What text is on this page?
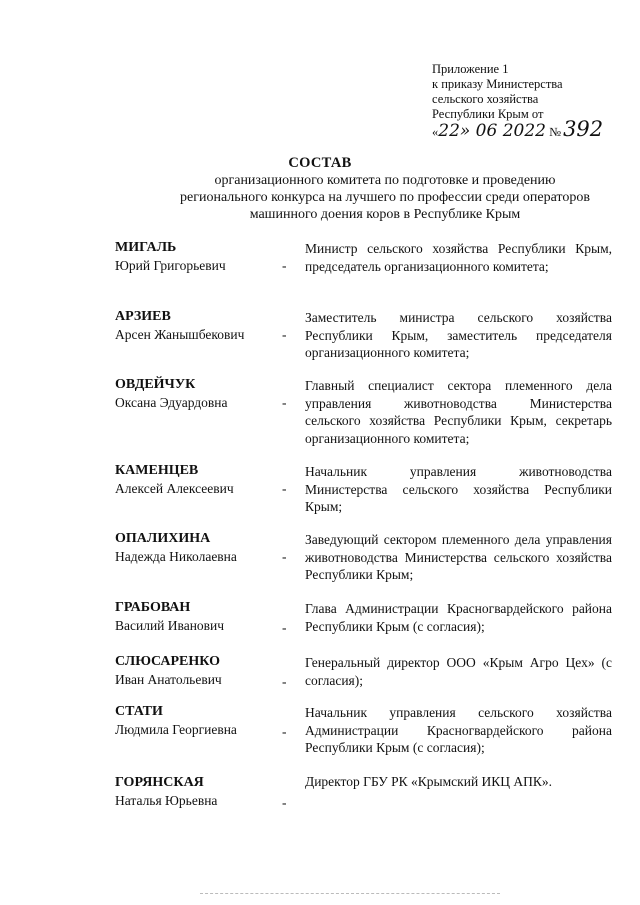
Приложение 1
к приказу Министерства
сельского хозяйства
Республики Крым от
«22» 06 2022 №392
СОСТАВ
организационного комитета по подготовке и проведению
регионального конкурса на лучшего по профессии среди операторов
машинного доения коров в Республике Крым
МИГАЛЬ
Юрий Григорьевич	-
Министр сельского хозяйства Республики Крым, председатель организационного комитета;
АРЗИЕВ
Арсен Жанышбекович	-
Заместитель министра сельского хозяйства Республики Крым, заместитель председателя организационного комитета;
ОВДЕЙЧУК
Оксана Эдуардовна	-
Главный специалист сектора племенного дела управления животноводства Министерства сельского хозяйства Республики Крым, секретарь организационного комитета;
КАМЕНЦЕВ
Алексей Алексеевич	-
Начальник управления животноводства Министерства сельского хозяйства Республики Крым;
ОПАЛИХИНА
Надежда Николаевна	-
Заведующий сектором племенного дела управления животноводства Министерства сельского хозяйства Республики Крым;
ГРАБОВАН
Василий Иванович	-
Глава Администрации Красногвардейского района Республики Крым (с согласия);
СЛЮСАРЕНКО
Иван Анатольевич	-
Генеральный директор ООО «Крым Агро Цех» (с согласия);
СТАТИ
Людмила Георгиевна	-
Начальник управления сельского хозяйства Администрации Красногвардейского района Республики Крым (с согласия);
ГОРЯНСКАЯ
Наталья Юрьевна	-
Директор ГБУ РК «Крымский ИКЦ АПК».
